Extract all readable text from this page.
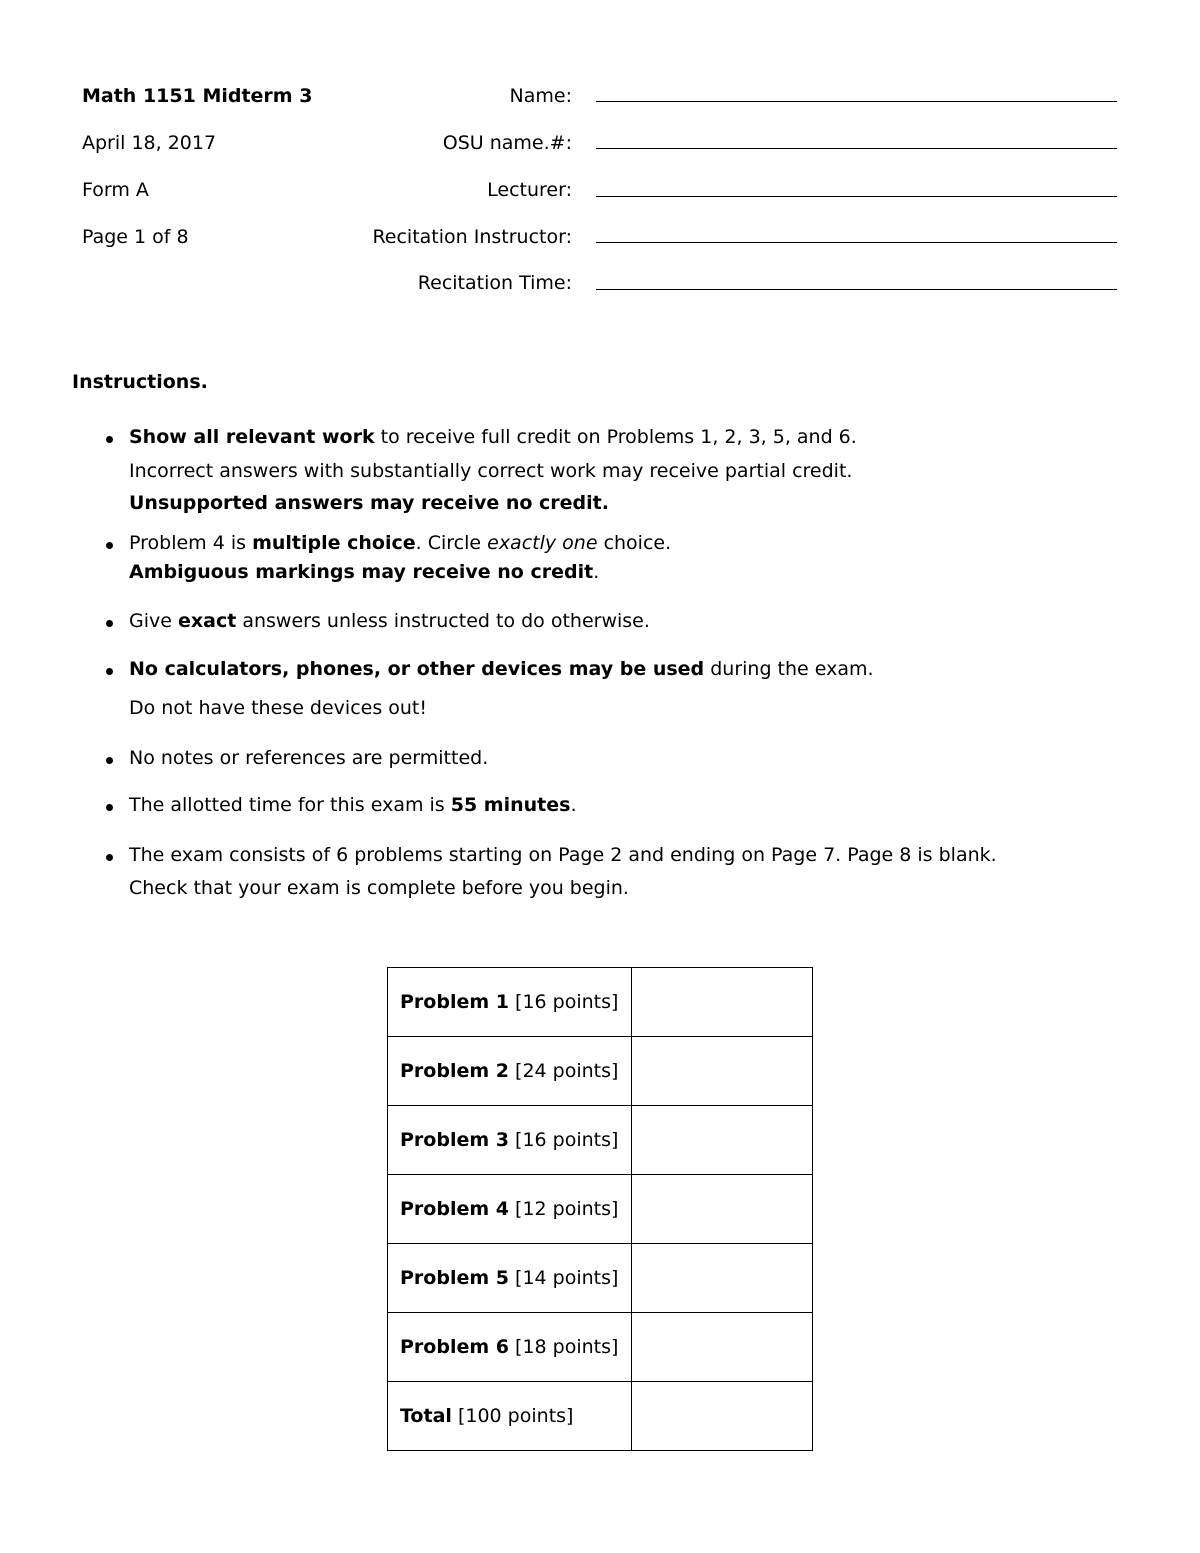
Math 1151 Midterm 3
April 18, 2017
Form A
Page 1 of 8
Name:
OSU name.#:
Lecturer:
Recitation Instructor:
Recitation Time:
Instructions.
Show all relevant work to receive full credit on Problems 1, 2, 3, 5, and 6.
Incorrect answers with substantially correct work may receive partial credit.
Unsupported answers may receive no credit.
Problem 4 is multiple choice. Circle exactly one choice.
Ambiguous markings may receive no credit.
Give exact answers unless instructed to do otherwise.
No calculators, phones, or other devices may be used during the exam.
Do not have these devices out!
No notes or references are permitted.
The allotted time for this exam is 55 minutes.
The exam consists of 6 problems starting on Page 2 and ending on Page 7. Page 8 is blank.
Check that your exam is complete before you begin.
Problem 1 [16 points]	
Problem 2 [24 points]	
Problem 3 [16 points]	
Problem 4 [12 points]	
Problem 5 [14 points]	
Problem 6 [18 points]	
Total [100 points]	
